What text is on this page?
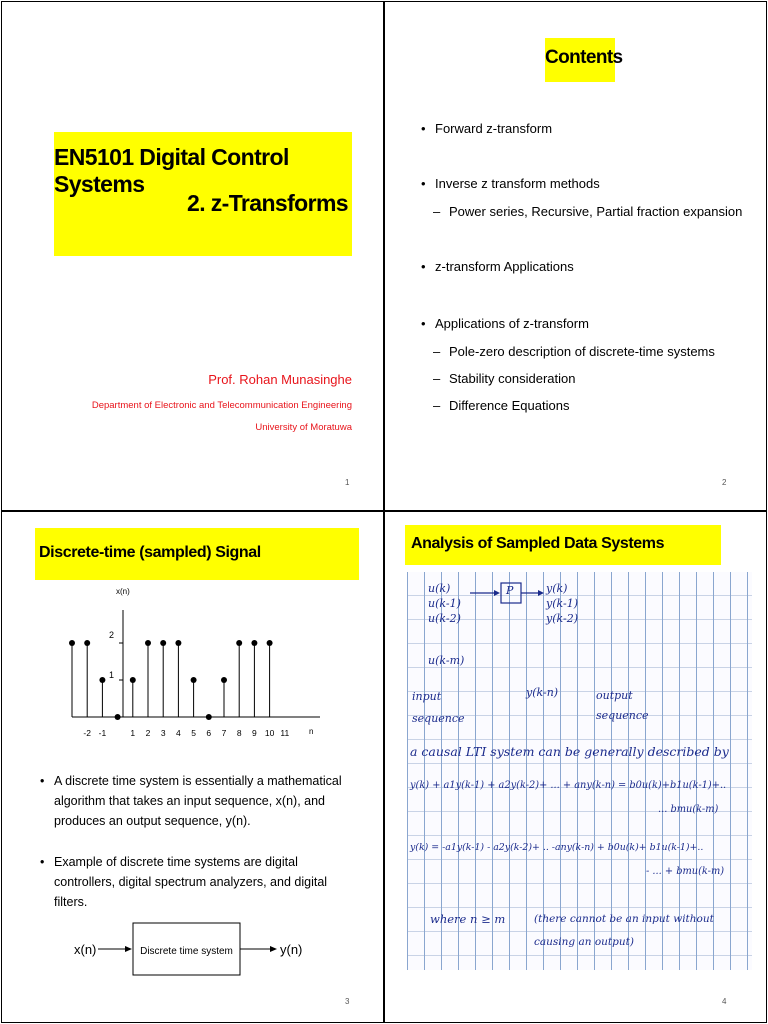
EN5101 Digital Control Systems
2. z-Transforms
Prof. Rohan Munasinghe
Department of Electronic and Telecommunication Engineering
University of Moratuwa
1
Contents
• Forward z-transform
• Inverse z transform methods
– Power series, Recursive, Partial fraction expansion
• z-transform Applications
• Applications of z-transform
– Pole-zero description of discrete-time systems
– Stability consideration
– Difference Equations
2
Discrete-time (sampled) Signal
x(n)
n
2
1
-2 -1	1 2 3 4 5 6 7 8 9 10 11
x(n)	Discrete time system	y(n)
• A discrete time system is essentially a mathematical algorithm that takes an input sequence, x(n), and produces an output sequence, y(n).
• Example of discrete time systems are digital controllers, digital spectrum analyzers, and digital filters.
3
Analysis of Sampled Data Systems
u(k)
u(k-1)
u(k-2)
u(k-m)
P	y(k)
y(k-1)
y(k-2)
y(k-n)
input sequence
output sequence
a causal LTI system can be generally described by
y(k) + a1y(k-1) + a2y(k-2)+ ... + any(k-n) = b0u(k)+b1u(k-1)+..
... bmu(k-m)
y(k) = -a1y(k-1) - a2y(k-2)+ .. -any(k-n) + b0u(k)+ b1u(k-1)+..
- ... + bmu(k-m)
where n ≥ m	(there cannot be an input without causing an output)
4
